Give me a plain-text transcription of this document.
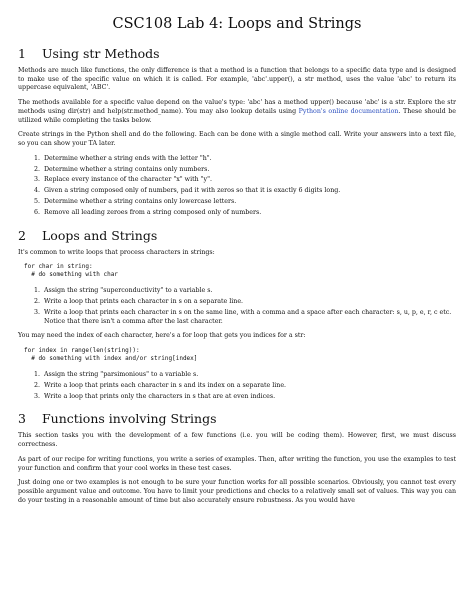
CSC108 Lab 4: Loops and Strings
1 Using str Methods

Methods are much like functions, the only difference is that a method is a function that belongs to a specific data type and is designed to make use of the specific value on which it is called. For example, 'abc'.upper(), a str method, uses the value 'abc' to return its uppercase equivalent, 'ABC'.

The methods available for a specific value depend on the value's type: 'abc' has a method upper() because 'abc' is a str. Explore the str methods using dir(str) and help(str.method_name). You may also lookup details using Python's online documentation. These should be utilized while completing the tasks below.

Create strings in the Python shell and do the following. Each can be done with a single method call. Write your answers into a text file, so you can show your TA later.

1. Determine whether a string ends with the letter "h".
2. Determine whether a string contains only numbers.
3. Replace every instance of the character "x" with "y".
4. Given a string composed only of numbers, pad it with zeros so that it is exactly 6 digits long.
5. Determine whether a string contains only lowercase letters.
6. Remove all leading zeroes from a string composed only of numbers.
2 Loops and Strings

It's common to write loops that process characters in strings:

for char in string:
# do something with char
1. Assign the string "superconductivity" to a variable s.
2. Write a loop that prints each character in s on a separate line.
3. Write a loop that prints each character in s on the same line, with a comma and a space after each character: s, u, p, e, r, c etc. Notice that there isn't a comma after the last character.

You may need the index of each character, here's a for loop that gets you indices for a str:

for index in range(len(string)):
# do something with index and/or string[index]
1. Assign the string "parsimonious" to a variable s.
2. Write a loop that prints each character in s and its index on a separate line.
3. Write a loop that prints only the characters in s that are at even indices.
3 Functions involving Strings

This section tasks you with the development of a few functions (i.e. you will be coding them). However, first, we must discuss correctness.

As part of our recipe for writing functions, you write a series of examples. Then, after writing the function, you use the examples to test your function and confirm that your cool works in these test cases.

Just doing one or two examples is not enough to be sure your function works for all possible scenarios. Obviously, you cannot test every possible argument value and outcome. You have to limit your predictions and checks to a relatively small set of values. This way you can do your testing in a reasonable amount of time but also accurately ensure robustness. As you would have
